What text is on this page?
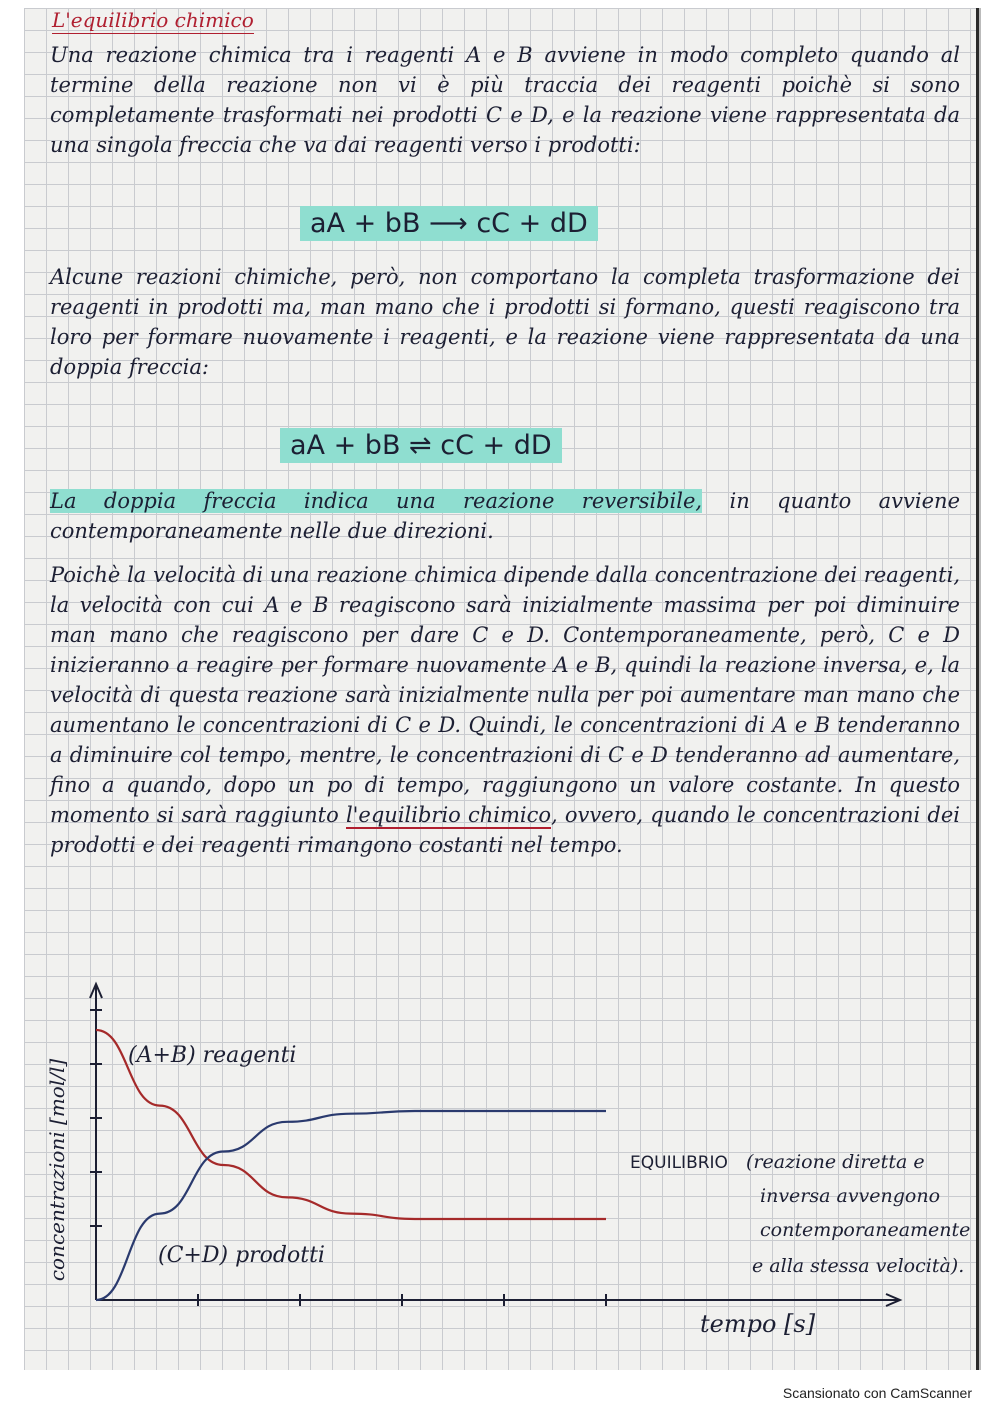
L'equilibrio chimico
Una reazione chimica tra i reagenti A e B avviene in modo completo quando al termine della reazione non vi è più traccia dei reagenti poichè si sono completamente trasformati nei prodotti C e D, e la reazione viene rappresentata da una singola freccia che va dai reagenti verso i prodotti:
aA + bB ⟶ cC + dD
Alcune reazioni chimiche, però, non comportano la completa trasformazione dei reagenti in prodotti ma, man mano che i prodotti si formano, questi reagiscono tra loro per formare nuovamente i reagenti, e la reazione viene rappresentata da una doppia freccia:
aA + bB ⇌ cC + dD
La doppia freccia indica una reazione reversibile, in quanto avviene contemporaneamente nelle due direzioni.
Poichè la velocità di una reazione chimica dipende dalla concentrazione dei reagenti, la velocità con cui A e B reagiscono sarà inizialmente massima per poi diminuire man mano che reagiscono per dare C e D. Contemporaneamente, però, C e D inizieranno a reagire per formare nuovamente A e B, quindi la reazione inversa, e, la velocità di questa reazione sarà inizialmente nulla per poi aumentare man mano che aumentano le concentrazioni di C e D. Quindi, le concentrazioni di A e B tenderanno a diminuire col tempo, mentre, le concentrazioni di C e D tenderanno ad aumentare, fino a quando, dopo un po di tempo, raggiungono un valore costante. In questo momento si sarà raggiunto l'equilibrio chimico, ovvero, quando le concentrazioni dei prodotti e dei reagenti rimangono costanti nel tempo.
(A+B) reagenti
(C+D) prodotti
concentrazioni [mol/l]
tempo [s]
EQUILIBRIO (reazione diretta e
inversa avvengono
contemporaneamente
e alla stessa velocità).
Scansionato con CamScanner
